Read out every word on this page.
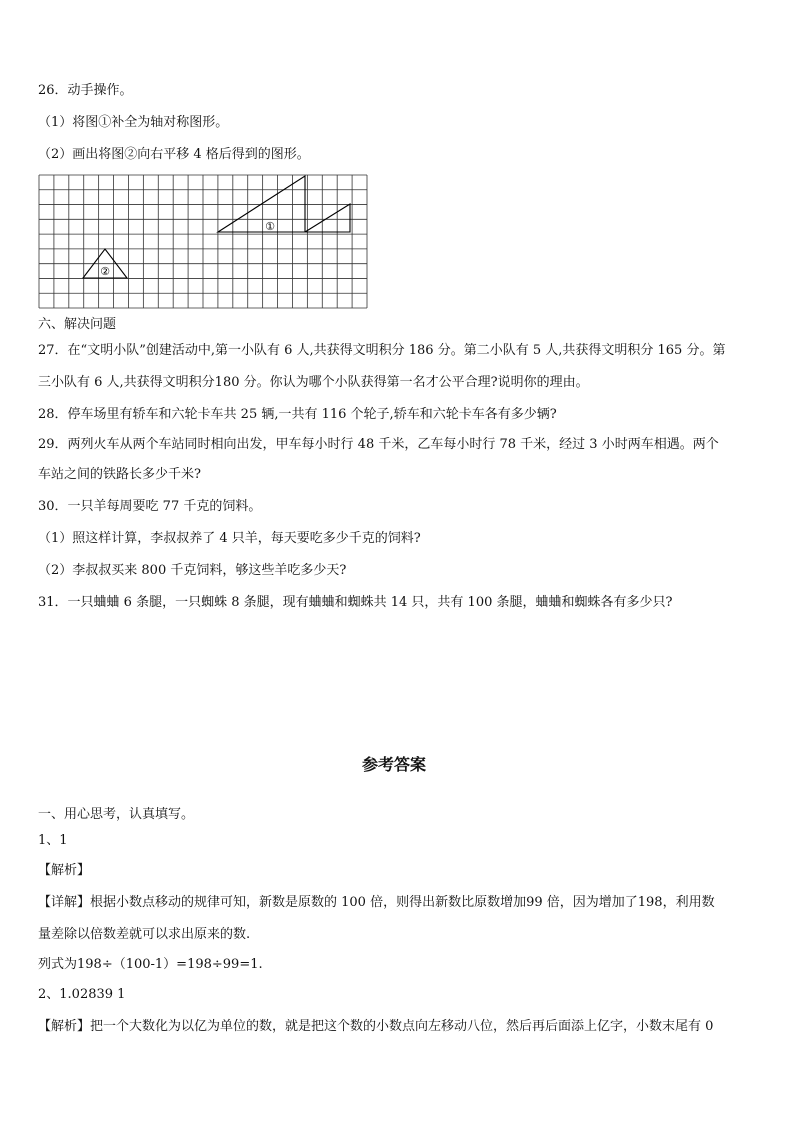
26．动手操作。
（1）将图①补全为轴对称图形。
（2）画出将图②向右平移 4 格后得到的图形。
①
②
六、解决问题
27．在“文明小队”创建活动中,第一小队有 6 人,共获得文明积分 186 分。第二小队有 5 人,共获得文明积分 165 分。第
三小队有 6 人,共获得文明积分180 分。你认为哪个小队获得第一名才公平合理?说明你的理由。
28．停车场里有轿车和六轮卡车共 25 辆,一共有 116 个轮子,轿车和六轮卡车各有多少辆?
29．两列火车从两个车站同时相向出发，甲车每小时行 48 千米，乙车每小时行 78 千米，经过 3 小时两车相遇。两个
车站之间的铁路长多少千米?
30．一只羊每周要吃 77 千克的饲料。
（1）照这样计算，李叔叔养了 4 只羊，每天要吃多少千克的饲料?
（2）李叔叔买来 800 千克饲料，够这些羊吃多少天?
31．一只蛐蛐 6 条腿，一只蜘蛛 8 条腿，现有蛐蛐和蜘蛛共 14 只，共有 100 条腿，蛐蛐和蜘蛛各有多少只?
参考答案
一、用心思考，认真填写。
1、1
【解析】
【详解】根据小数点移动的规律可知，新数是原数的 100 倍，则得出新数比原数增加99 倍，因为增加了198，利用数
量差除以倍数差就可以求出原来的数.
列式为198÷（100-1）=198÷99=1.
2、1.02839 1
【解析】把一个大数化为以亿为单位的数，就是把这个数的小数点向左移动八位，然后再后面添上亿字，小数末尾有 0
